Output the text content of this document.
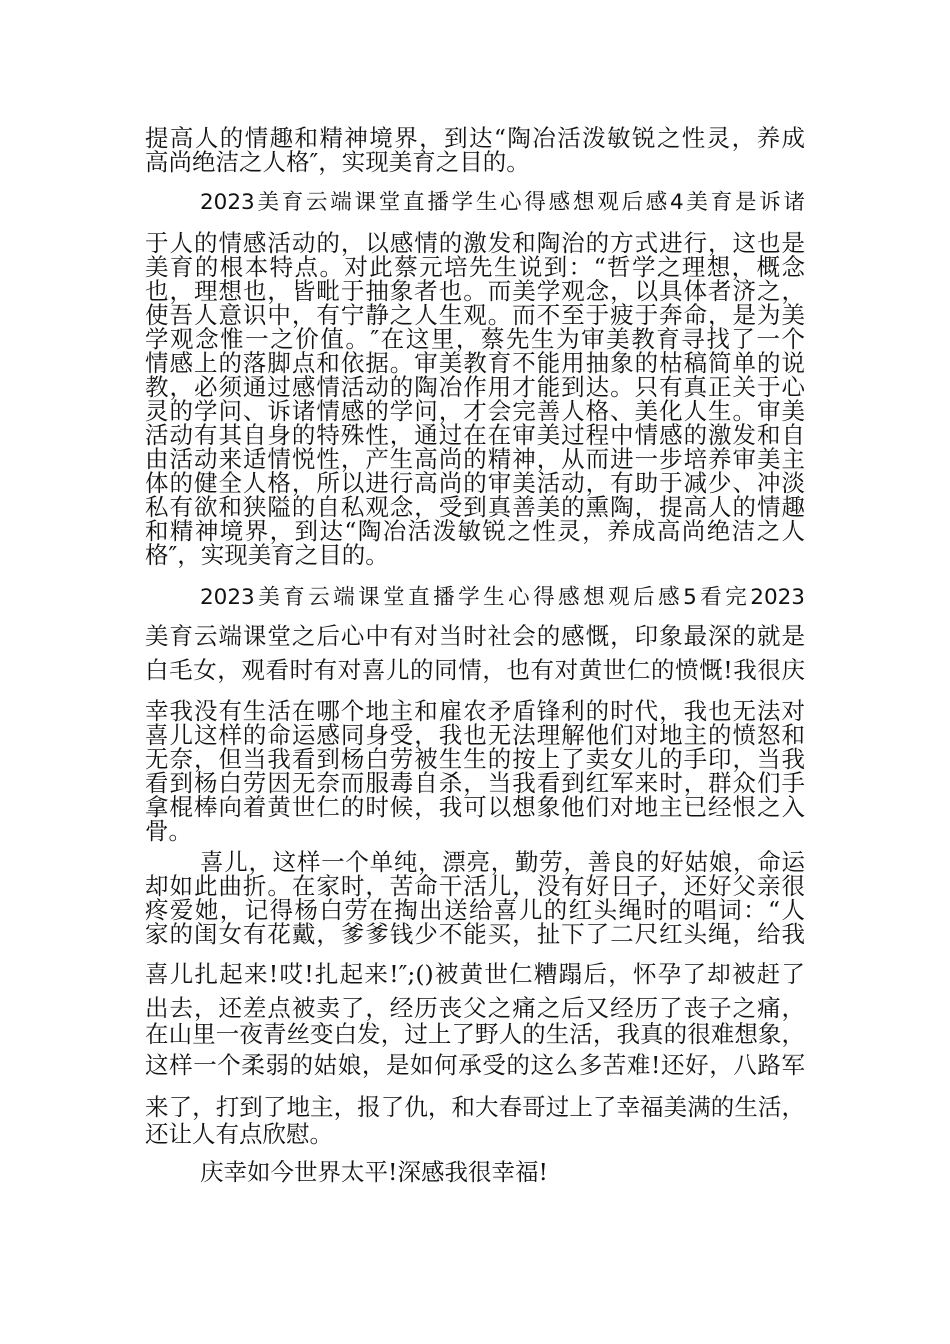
提高人的情趣和精神境界，到达“陶冶活泼敏锐之性灵，养成

高尚绝洁之人格″，实现美育之目的。

2023美育云端课堂直播学生心得感想观后感4美育是诉诸

于人的情感活动的，以感情的激发和陶治的方式进行，这也是

美育的根本特点。对此蔡元培先生说到：“哲学之理想，概念

也，理想也，皆毗于抽象者也。而美学观念，以具体者济之，

使吾人意识中，有宁静之人生观。而不至于疲于奔命，是为美

学观念惟一之价值。″在这里，蔡先生为审美教育寻找了一个

情感上的落脚点和依据。审美教育不能用抽象的枯稿简单的说

教，必须通过感情活动的陶冶作用才能到达。只有真正关于心

灵的学问、诉诸情感的学问，才会完善人格、美化人生。审美

活动有其自身的特殊性，通过在在审美过程中情感的激发和自

由活动来适情悦性，产生高尚的精神，从而进一步培养审美主

体的健全人格，所以进行高尚的审美活动，有助于减少、冲淡

私有欲和狭隘的自私观念，受到真善美的熏陶，提高人的情趣

和精神境界，到达“陶冶活泼敏锐之性灵，养成高尚绝洁之人

格″，实现美育之目的。

2023美育云端课堂直播学生心得感想观后感5看完2023

美育云端课堂之后心中有对当时社会的感慨，印象最深的就是

白毛女，观看时有对喜儿的同情，也有对黄世仁的愤慨!我很庆

幸我没有生活在哪个地主和雇农矛盾锋利的时代，我也无法对

喜儿这样的命运感同身受，我也无法理解他们对地主的愤怒和

无奈，但当我看到杨白劳被生生的按上了卖女儿的手印，当我

看到杨白劳因无奈而服毒自杀，当我看到红军来时，群众们手

拿棍棒向着黄世仁的时候，我可以想象他们对地主已经恨之入

骨。

喜儿，这样一个单纯，漂亮，勤劳，善良的好姑娘，命运

却如此曲折。在家时，苦命干活儿，没有好日子，还好父亲很

疼爱她，记得杨白劳在掏出送给喜儿的红头绳时的唱词：“人

家的闺女有花戴，爹爹钱少不能买，扯下了二尺红头绳，给我

喜儿扎起来!哎!扎起来!″;()被黄世仁糟蹋后，怀孕了却被赶了

出去，还差点被卖了，经历丧父之痛之后又经历了丧子之痛，

在山里一夜青丝变白发，过上了野人的生活，我真的很难想象，

这样一个柔弱的姑娘，是如何承受的这么多苦难!还好，八路军

来了，打到了地主，报了仇，和大春哥过上了幸福美满的生活，

还让人有点欣慰。

庆幸如今世界太平!深感我很幸福!
